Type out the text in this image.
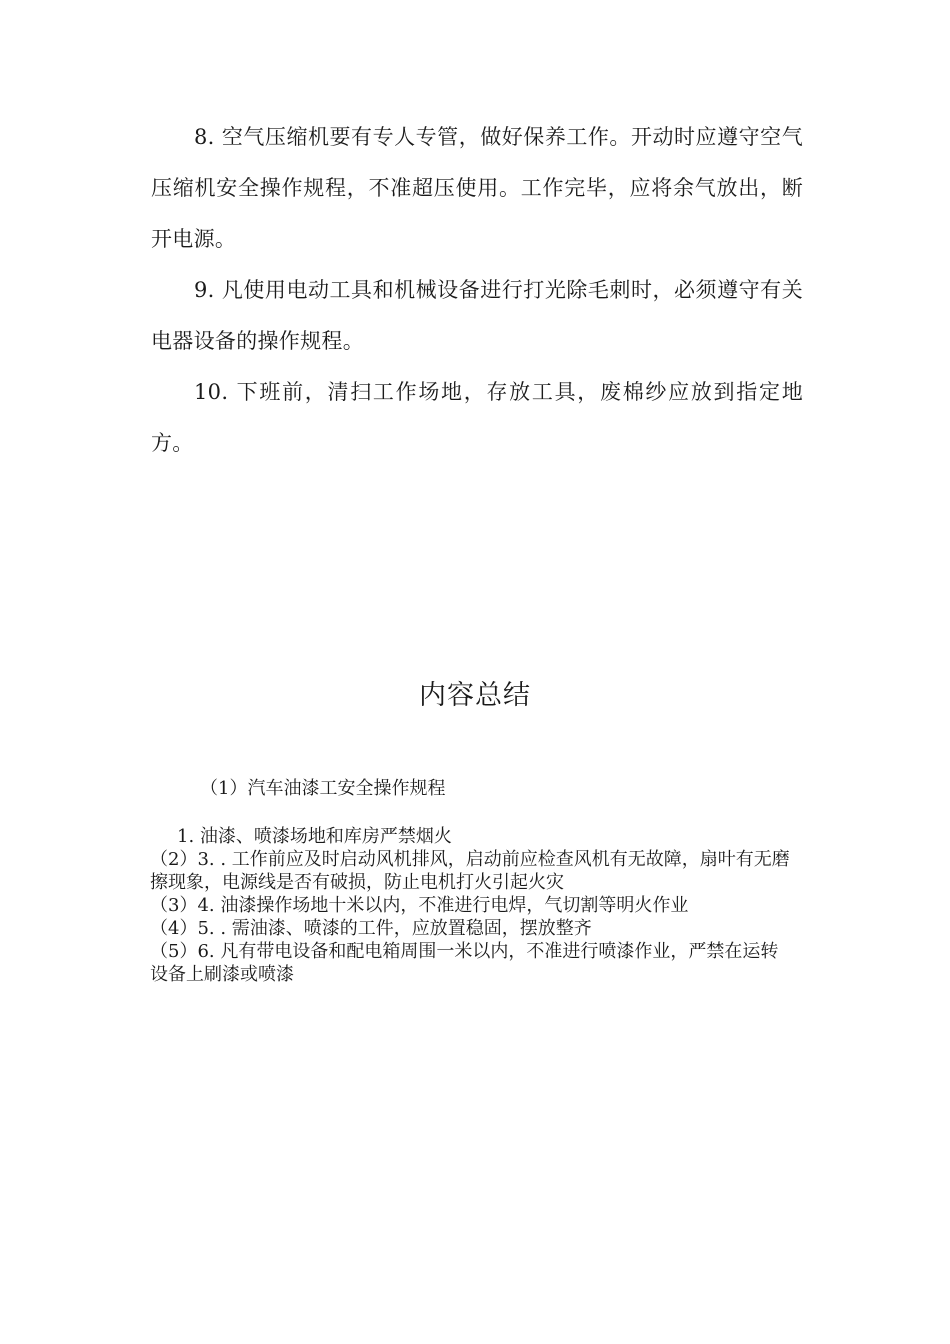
8. 空气压缩机要有专人专管，做好保养工作。开动时应遵守空气压缩机安全操作规程，不准超压使用。工作完毕，应将余气放出，断开电源。

9. 凡使用电动工具和机械设备进行打光除毛刺时，必须遵守有关电器设备的操作规程。

10. 下班前，清扫工作场地，存放工具，废棉纱应放到指定地方。

内容总结
（1）汽车油漆工安全操作规程

1. 油漆、喷漆场地和库房严禁烟火

（2）3. . 工作前应及时启动风机排风，启动前应检查风机有无故障，扇叶有无磨擦现象，电源线是否有破损，防止电机打火引起火灾

（3）4. 油漆操作场地十米以内，不准进行电焊，气切割等明火作业

（4）5. . 需油漆、喷漆的工件，应放置稳固，摆放整齐

（5）6. 凡有带电设备和配电箱周围一米以内，不准进行喷漆作业，严禁在运转设备上刷漆或喷漆
